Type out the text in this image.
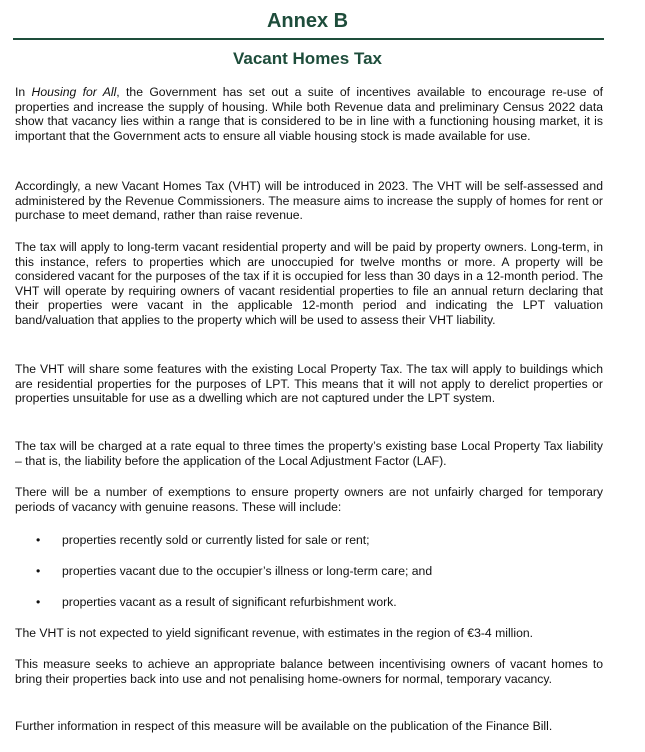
Annex B
Vacant Homes Tax

In Housing for All, the Government has set out a suite of incentives available to encourage re-use of properties and increase the supply of housing. While both Revenue data and preliminary Census 2022 data show that vacancy lies within a range that is considered to be in line with a functioning housing market, it is important that the Government acts to ensure all viable housing stock is made available for use.

Accordingly, a new Vacant Homes Tax (VHT) will be introduced in 2023. The VHT will be self-assessed and administered by the Revenue Commissioners. The measure aims to increase the supply of homes for rent or purchase to meet demand, rather than raise revenue.

The tax will apply to long-term vacant residential property and will be paid by property owners. Long-term, in this instance, refers to properties which are unoccupied for twelve months or more. A property will be considered vacant for the purposes of the tax if it is occupied for less than 30 days in a 12-month period. The VHT will operate by requiring owners of vacant residential properties to file an annual return declaring that their properties were vacant in the applicable 12-month period and indicating the LPT valuation band/valuation that applies to the property which will be used to assess their VHT liability.

The VHT will share some features with the existing Local Property Tax. The tax will apply to buildings which are residential properties for the purposes of LPT. This means that it will not apply to derelict properties or properties unsuitable for use as a dwelling which are not captured under the LPT system.

The tax will be charged at a rate equal to three times the property’s existing base Local Property Tax liability – that is, the liability before the application of the Local Adjustment Factor (LAF).

There will be a number of exemptions to ensure property owners are not unfairly charged for temporary periods of vacancy with genuine reasons. These will include:

• properties recently sold or currently listed for sale or rent;

• properties vacant due to the occupier’s illness or long-term care; and

• properties vacant as a result of significant refurbishment work.

The VHT is not expected to yield significant revenue, with estimates in the region of €3-4 million.

This measure seeks to achieve an appropriate balance between incentivising owners of vacant homes to bring their properties back into use and not penalising home-owners for normal, temporary vacancy.

Further information in respect of this measure will be available on the publication of the Finance Bill.
